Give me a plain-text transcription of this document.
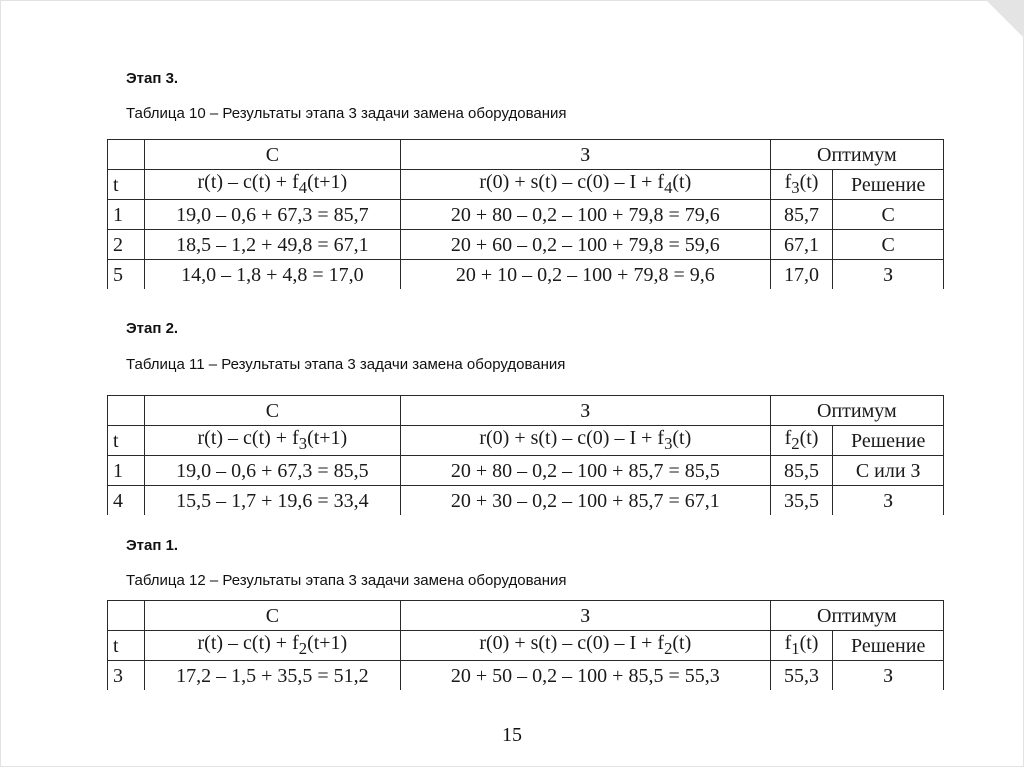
Этап 3.
Таблица 10 – Результаты этапа 3 задачи замена оборудования
	С	З	Оптимум	
t	$r(t) - c(t) + f_4(t+1)$	$r(0) + s(t) - c(0) - I + f_4(t)$	$f_3(t)$	Решение
1	19,0 – 0,6 + 67,3 = 85,7	20 + 80 – 0,2 – 100 + 79,8 = 79,6	85,7	С
2	18,5 – 1,2 + 49,8 = 67,1	20 + 60 – 0,2 – 100 + 79,8 = 59,6	67,1	С
5	14,0 – 1,8 + 4,8 = 17,0	20 + 10 – 0,2 – 100 + 79,8 = 9,6	17,0	З
Этап 2.
Таблица 11 – Результаты этапа 3 задачи замена оборудования
	С	З	Оптимум	
t	$r(t) - c(t) + f_3(t+1)$	$r(0) + s(t) - c(0) - I + f_3(t)$	$f_2(t)$	Решение
1	19,0 – 0,6 + 67,3 = 85,5	20 + 80 – 0,2 – 100 + 85,7 = 85,5	85,5	С или З
4	15,5 – 1,7 + 19,6 = 33,4	20 + 30 – 0,2 – 100 + 85,7 = 67,1	35,5	З
Этап 1.
Таблица 12 – Результаты этапа 3 задачи замена оборудования
	С	З	Оптимум	
t	$r(t) - c(t) + f_2(t+1)$	$r(0) + s(t) - c(0) - I + f_2(t)$	$f_1(t)$	Решение
3	17,2 – 1,5 + 35,5 = 51,2	20 + 50 – 0,2 – 100 + 85,5 = 55,3	55,3	З
15
